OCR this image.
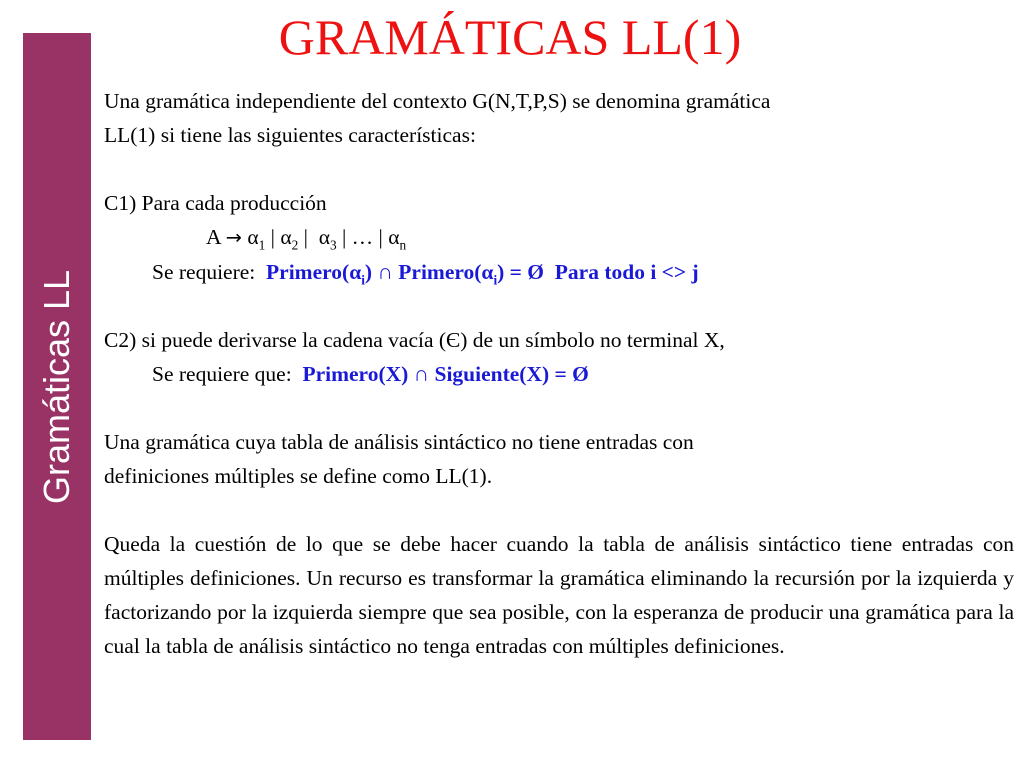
Gramáticas LL
GRAMÁTICAS LL(1)

Una gramática independiente del contexto G(N,T,P,S) se denomina gramática

LL(1) si tiene las siguientes características:

C1) Para cada producción

$A \to \alpha_1$ | $\alpha_2$ |  $\alpha_3$ | … | $\alpha_n$

Se requiere: $Primero(\alpha_i)$ ∩ $Primero(\alpha_i)$ = Ø  Para todo i <> j

C2) si puede derivarse la cadena vacía (Є) de un símbolo no terminal X,

Se requiere que: Primero(X) ∩ Siguiente(X) = Ø

Una gramática cuya tabla de análisis sintáctico no tiene entradas con

definiciones múltiples se define como LL(1).

Queda la cuestión de lo que se debe hacer cuando la tabla de análisis sintáctico tiene entradas con múltiples definiciones. Un recurso es transformar la gramática eliminando la recursión por la izquierda y factorizando por la izquierda siempre que sea posible, con la esperanza de producir una gramática para la cual la tabla de análisis sintáctico no tenga entradas con múltiples definiciones.
